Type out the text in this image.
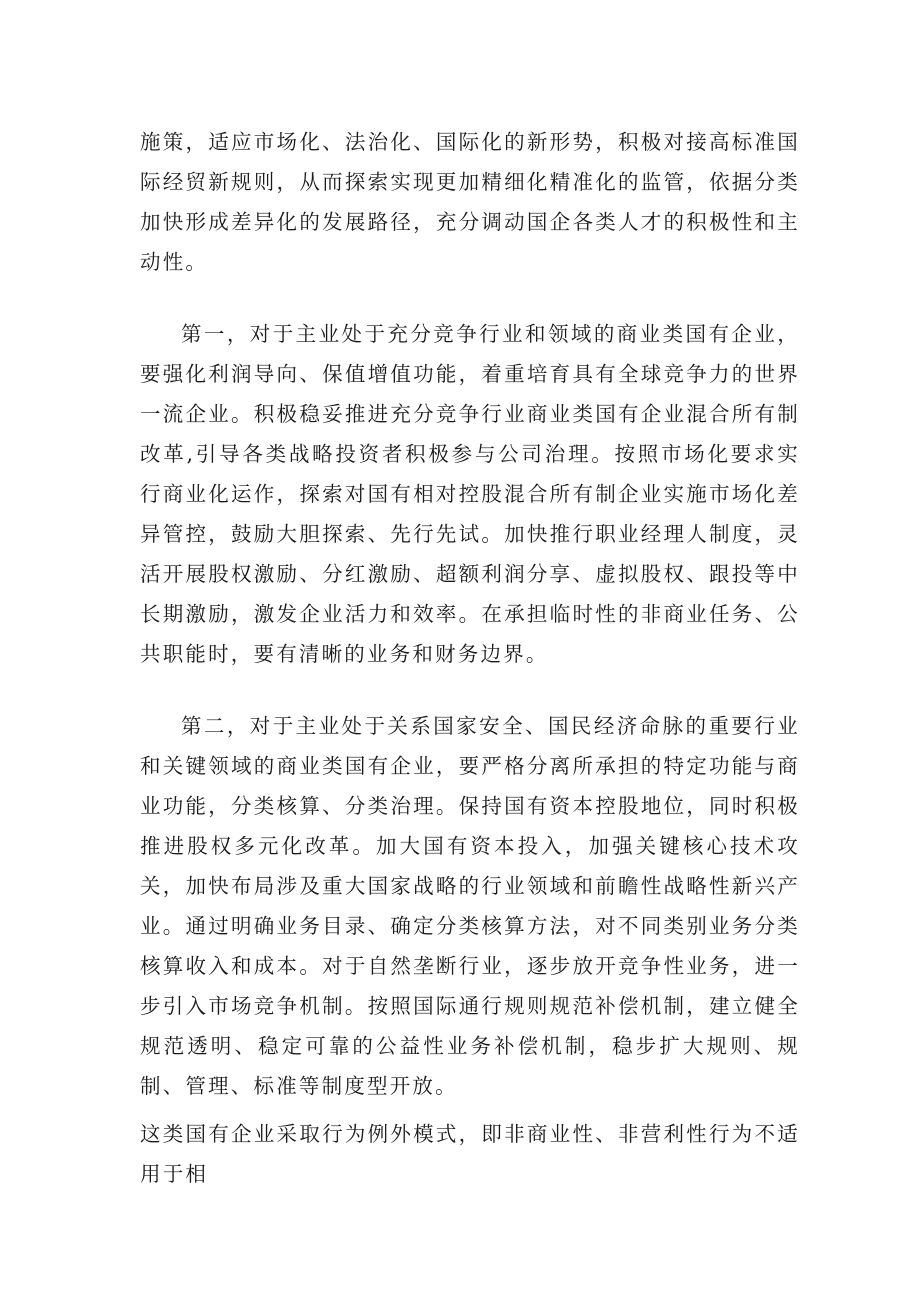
施策，适应市场化、法治化、国际化的新形势，积极对接高标准国际经贸新规则，从而探索实现更加精细化精准化的监管，依据分类加快形成差异化的发展路径，充分调动国企各类人才的积极性和主动性。

第一，对于主业处于充分竞争行业和领域的商业类国有企业，要强化利润导向、保值增值功能，着重培育具有全球竞争力的世界一流企业。积极稳妥推进充分竞争行业商业类国有企业混合所有制改革,引导各类战略投资者积极参与公司治理。按照市场化要求实行商业化运作，探索对国有相对控股混合所有制企业实施市场化差异管控，鼓励大胆探索、先行先试。加快推行职业经理人制度，灵活开展股权激励、分红激励、超额利润分享、虚拟股权、跟投等中长期激励，激发企业活力和效率。在承担临时性的非商业任务、公共职能时，要有清晰的业务和财务边界。

第二，对于主业处于关系国家安全、国民经济命脉的重要行业和关键领域的商业类国有企业，要严格分离所承担的特定功能与商业功能，分类核算、分类治理。保持国有资本控股地位，同时积极推进股权多元化改革。加大国有资本投入，加强关键核心技术攻关，加快布局涉及重大国家战略的行业领域和前瞻性战略性新兴产业。通过明确业务目录、确定分类核算方法，对不同类别业务分类核算收入和成本。对于自然垄断行业，逐步放开竞争性业务，进一步引入市场竞争机制。按照国际通行规则规范补偿机制，建立健全规范透明、稳定可靠的公益性业务补偿机制，稳步扩大规则、规制、管理、标准等制度型开放。

这类国有企业采取行为例外模式，即非商业性、非营利性行为不适用于相
